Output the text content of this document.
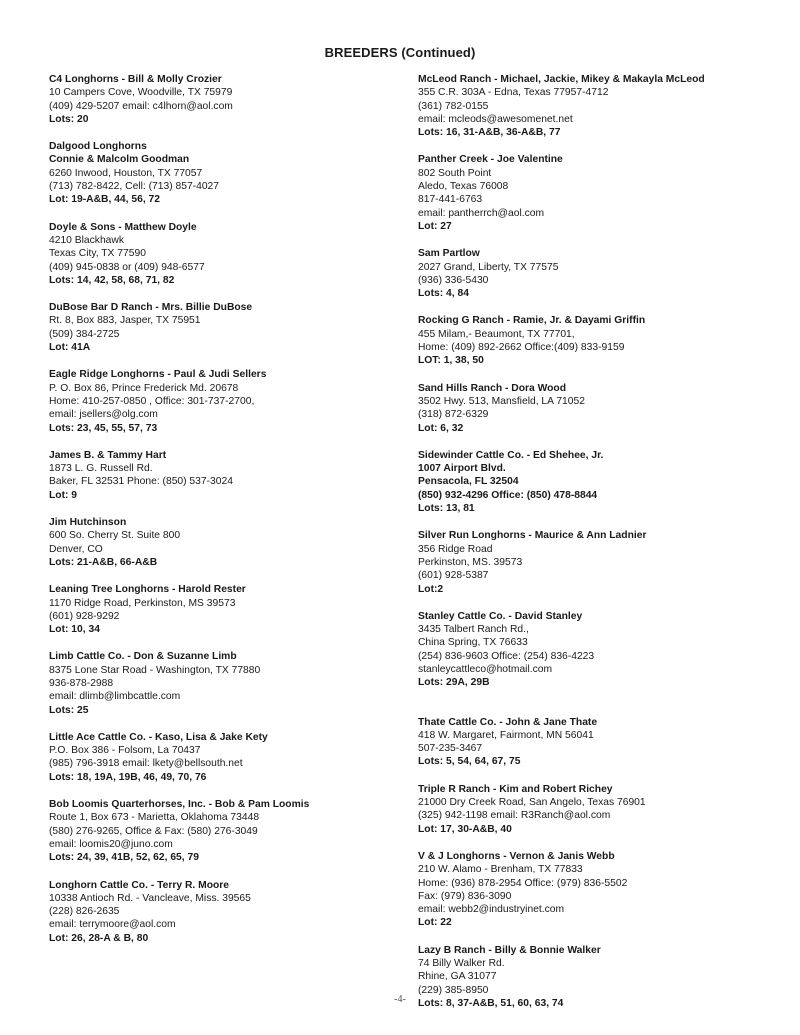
BREEDERS (Continued)
C4 Longhorns - Bill & Molly Crozier
10 Campers Cove, Woodville, TX 75979
(409) 429-5207 email: c4lhorn@aol.com
Lots: 20
Dalgood Longhorns
Connie & Malcolm Goodman
6260 Inwood, Houston, TX 77057
(713) 782-8422, Cell: (713) 857-4027
Lot: 19-A&B, 44, 56, 72
Doyle & Sons - Matthew Doyle
4210 Blackhawk
Texas City, TX 77590
(409) 945-0838 or (409) 948-6577
Lots: 14, 42, 58, 68, 71, 82
DuBose Bar D Ranch - Mrs. Billie DuBose
Rt. 8, Box 883, Jasper, TX 75951
(509) 384-2725
Lot: 41A
Eagle Ridge Longhorns - Paul & Judi Sellers
P. O. Box 86, Prince Frederick Md. 20678
Home: 410-257-0850 , Office: 301-737-2700,
email: jsellers@olg.com
Lots: 23, 45, 55, 57, 73
James B. & Tammy Hart
1873 L. G. Russell Rd.
Baker, FL 32531 Phone: (850) 537-3024
Lot: 9
Jim Hutchinson
600 So. Cherry St. Suite 800
Denver, CO
Lots: 21-A&B, 66-A&B
Leaning Tree Longhorns - Harold Rester
1170 Ridge Road, Perkinston, MS 39573
(601) 928-9292
Lot: 10, 34
Limb Cattle Co. - Don & Suzanne Limb
8375 Lone Star Road - Washington, TX 77880
936-878-2988
email: dlimb@limbcattle.com
Lots: 25
Little Ace Cattle Co. - Kaso, Lisa & Jake Kety
P.O. Box 386 - Folsom, La 70437
(985) 796-3918 email: lkety@bellsouth.net
Lots: 18, 19A, 19B, 46, 49, 70, 76
Bob Loomis Quarterhorses, Inc. - Bob & Pam Loomis
Route 1, Box 673 - Marietta, Oklahoma 73448
(580) 276-9265, Office & Fax: (580) 276-3049
email: loomis20@juno.com
Lots: 24, 39, 41B, 52, 62, 65, 79
Longhorn Cattle Co. - Terry R. Moore
10338 Antioch Rd. - Vancleave, Miss. 39565
(228) 826-2635
email: terrymoore@aol.com
Lot: 26, 28-A & B, 80
McLeod Ranch - Michael, Jackie, Mikey & Makayla McLeod
355 C.R. 303A - Edna, Texas 77957-4712
(361) 782-0155
email: mcleods@awesomenet.net
Lots: 16, 31-A&B, 36-A&B, 77
Panther Creek - Joe Valentine
802 South Point
Aledo, Texas 76008
817-441-6763
email: pantherrch@aol.com
Lot: 27
Sam Partlow
2027 Grand, Liberty, TX 77575
(936) 336-5430
Lots: 4, 84
Rocking G Ranch - Ramie, Jr. & Dayami Griffin
455 Milam,- Beaumont, TX 77701,
Home: (409) 892-2662 Office:(409) 833-9159
LOT: 1, 38, 50
Sand Hills Ranch - Dora Wood
3502 Hwy. 513, Mansfield, LA 71052
(318) 872-6329
Lot: 6, 32
Sidewinder Cattle Co. - Ed Shehee, Jr.
1007 Airport Blvd.
Pensacola, FL 32504
(850) 932-4296 Office: (850) 478-8844
Lots: 13, 81
Silver Run Longhorns - Maurice & Ann Ladnier
356 Ridge Road
Perkinston, MS. 39573
(601) 928-5387
Lot:2
Stanley Cattle Co. - David Stanley
3435 Talbert Ranch Rd.,
China Spring, TX 76633
(254) 836-9603 Office: (254) 836-4223
stanleycattleco@hotmail.com
Lots: 29A, 29B
Thate Cattle Co. - John & Jane Thate
418 W. Margaret, Fairmont, MN 56041
507-235-3467
Lots: 5, 54, 64, 67, 75
Triple R Ranch - Kim and Robert Richey
21000 Dry Creek Road, San Angelo, Texas 76901
(325) 942-1198 email: R3Ranch@aol.com
Lot: 17, 30-A&B, 40
V & J Longhorns - Vernon & Janis Webb
210 W. Alamo - Brenham, TX 77833
Home: (936) 878-2954 Office: (979) 836-5502
Fax: (979) 836-3090
email: webb2@industryinet.com
Lot: 22
Lazy B Ranch - Billy & Bonnie Walker
74 Billy Walker Rd.
Rhine, GA 31077
(229) 385-8950
Lots: 8, 37-A&B, 51, 60, 63, 74
-4-
